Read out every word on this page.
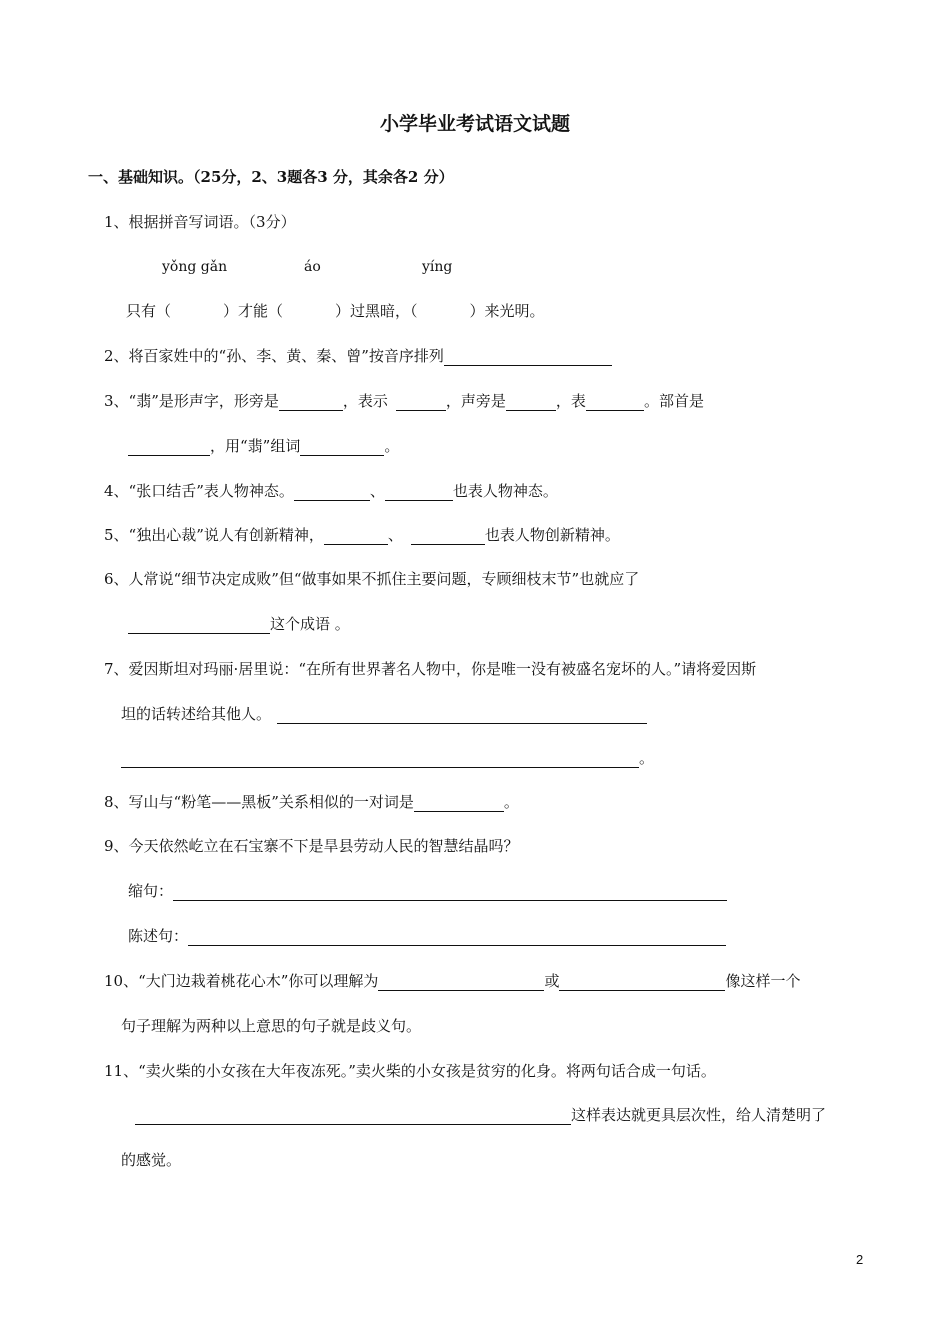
小学毕业考试语文试题
一、基础知识。（25分，2、3题各3 分，其余各2 分）
1、根据拼音写词语。（3分）
yǒng gǎn	áo	yíng
只有（	）才能（	）过黑暗，（	）来光明。
2、将百家姓中的“孙、李、黄、秦、曾”按音序排列
3、“翡”是形声字，形旁是	，表示	，声旁是	，表	。部首是
，用“翡”组词	。
4、“张口结舌”表人物神态。	、	也表人物神态。
5、“独出心裁”说人有创新精神，	、	也表人物创新精神。
6、人常说“细节决定成败”但“做事如果不抓住主要问题，专顾细枝末节”也就应了
这个成语 。
7、爱因斯坦对玛丽·居里说：“在所有世界著名人物中，你是唯一没有被盛名宠坏的人。”请将爱因斯
坦的话转述给其他人。
。
8、写山与“粉笔——黑板”关系相似的一对词是	。
9、今天依然屹立在石宝寨不下是旱县劳动人民的智慧结晶吗？
缩句：
陈述句：
10、“大门边栽着桃花心木”你可以理解为	或	像这样一个
句子理解为两种以上意思的句子就是歧义句。
11、“卖火柴的小女孩在大年夜冻死。”卖火柴的小女孩是贫穷的化身。将两句话合成一句话。
这样表达就更具层次性，给人清楚明了
的感觉。
2
